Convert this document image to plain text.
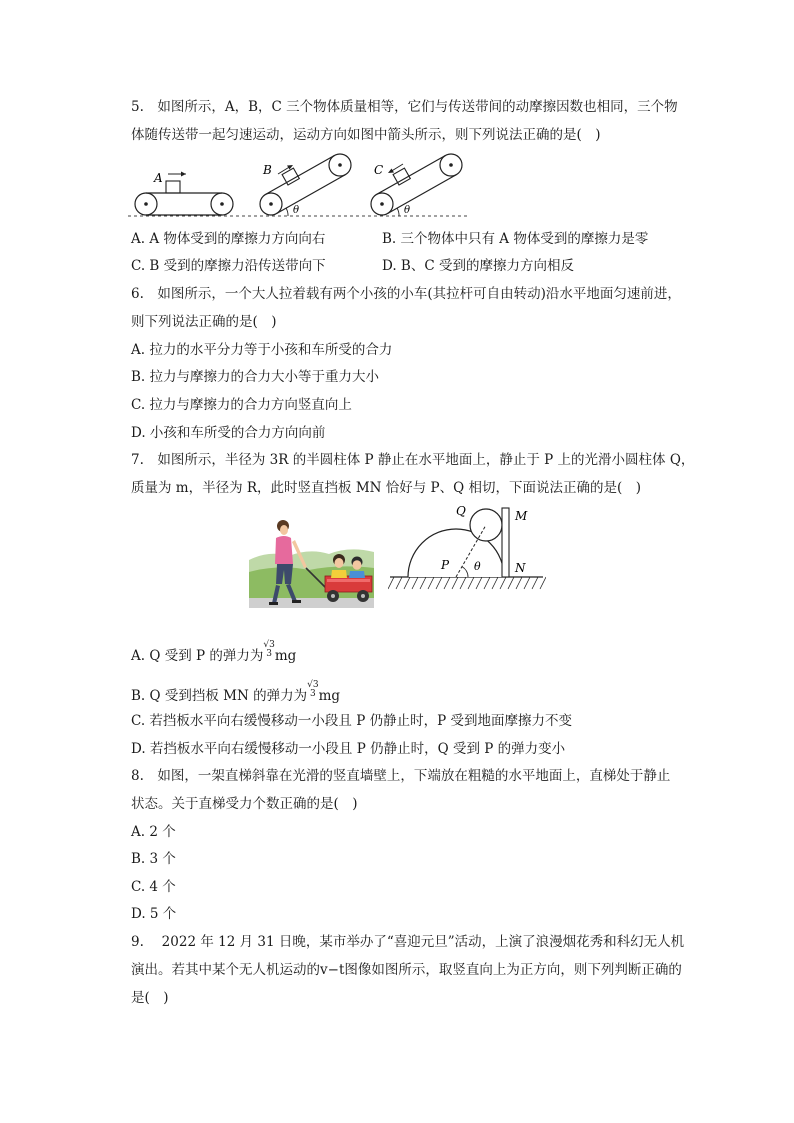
5.　如图所示，A，B，C 三个物体质量相等，它们与传送带间的动摩擦因数也相同，三个物
体随传送带一起匀速运动，运动方向如图中箭头所示，则下列说法正确的是(　)
A
B
θ
C
θ
A. A 物体受到的摩擦力方向向右	B. 三个物体中只有 A 物体受到的摩擦力是零
C. B 受到的摩擦力沿传送带向下	D. B、C 受到的摩擦力方向相反
6.　如图所示，一个大人拉着载有两个小孩的小车(其拉杆可自由转动)沿水平地面匀速前进，
则下列说法正确的是(　)
A. 拉力的水平分力等于小孩和车所受的合力
B. 拉力与摩擦力的合力大小等于重力大小
C. 拉力与摩擦力的合力方向竖直向上
D. 小孩和车所受的合力方向向前
7.　如图所示，半径为 3R 的半圆柱体 P 静止在水平地面上，静止于 P 上的光滑小圆柱体 Q，
质量为 m，半径为 R，此时竖直挡板 MN 恰好与 P、Q 相切，下面说法正确的是(　)
Q	M
P θ	N
A. Q 受到 P 的弹力为√3
3 mg
B. Q 受到挡板 MN 的弹力为√3
3 mg
C. 若挡板水平向右缓慢移动一小段且 P 仍静止时，P 受到地面摩擦力不变
D. 若挡板水平向右缓慢移动一小段且 P 仍静止时，Q 受到 P 的弹力变小
8.　如图，一架直梯斜靠在光滑的竖直墙壁上，下端放在粗糙的水平地面上，直梯处于静止
状态。关于直梯受力个数正确的是(　)
A. 2 个
B. 3 个
C. 4 个
D. 5 个
9.　 2022 年 12 月 31 日晚，某市举办了“喜迎元旦”活动，上演了浪漫烟花秀和科幻无人机
演出。若其中某个无人机运动的v−t图像如图所示，取竖直向上为正方向，则下列判断正确的
是(　)
